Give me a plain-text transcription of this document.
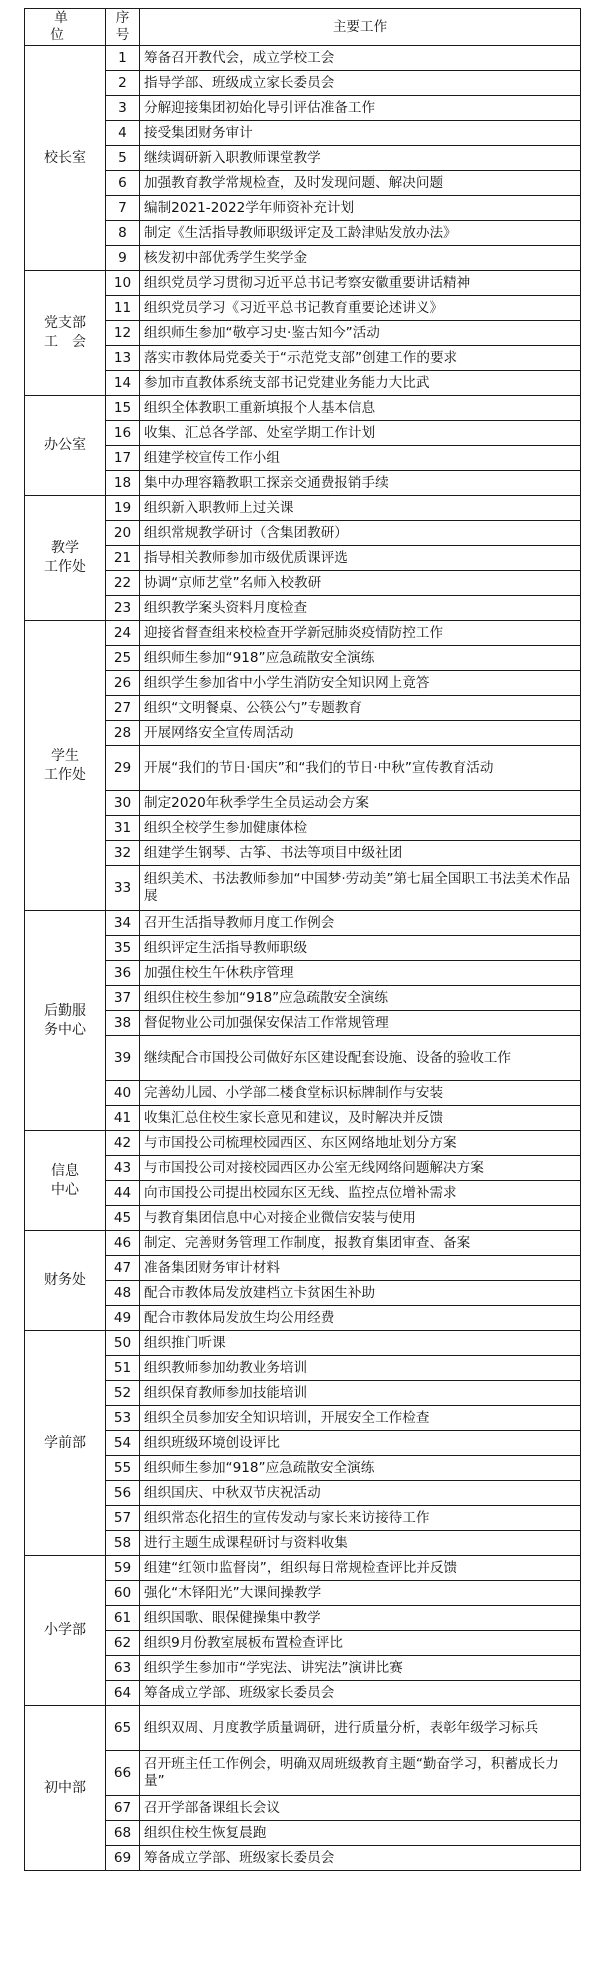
单 位	序号	主要工作
校长室	1	筹备召开教代会，成立学校工会
	2	指导学部、班级成立家长委员会
	3	分解迎接集团初始化导引评估准备工作
	4	接受集团财务审计
	5	继续调研新入职教师课堂教学
	6	加强教育教学常规检查，及时发现问题、解决问题
	7	编制2021-2022学年师资补充计划
	8	制定《生活指导教师职级评定及工龄津贴发放办法》
	9	核发初中部优秀学生奖学金
党支部
工　会	10	组织党员学习贯彻习近平总书记考察安徽重要讲话精神
	11	组织党员学习《习近平总书记教育重要论述讲义》
	12	组织师生参加“敬亭习史·鉴古知今”活动
	13	落实市教体局党委关于“示范党支部”创建工作的要求
	14	参加市直教体系统支部书记党建业务能力大比武
办公室	15	组织全体教职工重新填报个人基本信息
	16	收集、汇总各学部、处室学期工作计划
	17	组建学校宣传工作小组
	18	集中办理容籍教职工探亲交通费报销手续
教学
工作处	19	组织新入职教师上过关课
	20	组织常规教学研讨（含集团教研）
	21	指导相关教师参加市级优质课评选
	22	协调“京师艺堂”名师入校教研
	23	组织教学案头资料月度检查
学生
工作处	24	迎接省督查组来校检查开学新冠肺炎疫情防控工作
	25	组织师生参加“918”应急疏散安全演练
	26	组织学生参加省中小学生消防安全知识网上竟答
	27	组织“文明餐桌、公筷公勺”专题教育
	28	开展网络安全宣传周活动
	29	开展“我们的节日·国庆”和“我们的节日·中秋”宣传教育活动
	30	制定2020年秋季学生全员运动会方案
	31	组织全校学生参加健康体检
	32	组建学生钢琴、古筝、书法等项目中级社团
	33	组织美术、书法教师参加“中国梦·劳动美”第七届全国职工书法美术作品展
后勤服
务中心	34	召开生活指导教师月度工作例会
	35	组织评定生活指导教师职级
	36	加强住校生午休秩序管理
	37	组织住校生参加“918”应急疏散安全演练
	38	督促物业公司加强保安保洁工作常规管理
	39	继续配合市国投公司做好东区建设配套设施、设备的验收工作
	40	完善幼儿园、小学部二楼食堂标识标牌制作与安装
	41	收集汇总住校生家长意见和建议，及时解决并反馈
信息
中心	42	与市国投公司梳理校园西区、东区网络地址划分方案
	43	与市国投公司对接校园西区办公室无线网络问题解决方案
	44	向市国投公司提出校园东区无线、监控点位增补需求
	45	与教育集团信息中心对接企业微信安装与使用
财务处	46	制定、完善财务管理工作制度，报教育集团审查、备案
	47	准备集团财务审计材料
	48	配合市教体局发放建档立卡贫困生补助
	49	配合市教体局发放生均公用经费
学前部	50	组织推门听课
	51	组织教师参加幼教业务培训
	52	组织保育教师参加技能培训
	53	组织全员参加安全知识培训，开展安全工作检查
	54	组织班级环境创设评比
	55	组织师生参加“918”应急疏散安全演练
	56	组织国庆、中秋双节庆祝活动
	57	组织常态化招生的宣传发动与家长来访接待工作
	58	进行主题生成课程研讨与资料收集
小学部	59	组建“红领巾监督岗”，组织每日常规检查评比并反馈
	60	强化“木铎阳光”大课间操教学
	61	组织国歌、眼保健操集中教学
	62	组织9月份教室展板布置检查评比
	63	组织学生参加市“学宪法、讲宪法”演讲比赛
	64	筹备成立学部、班级家长委员会
初中部	65	组织双周、月度教学质量调研，进行质量分析，表彰年级学习标兵
	66	召开班主任工作例会，明确双周班级教育主题“勤奋学习，积蓄成长力量”
	67	召开学部备课组长会议
	68	组织住校生恢复晨跑
	69	筹备成立学部、班级家长委员会
